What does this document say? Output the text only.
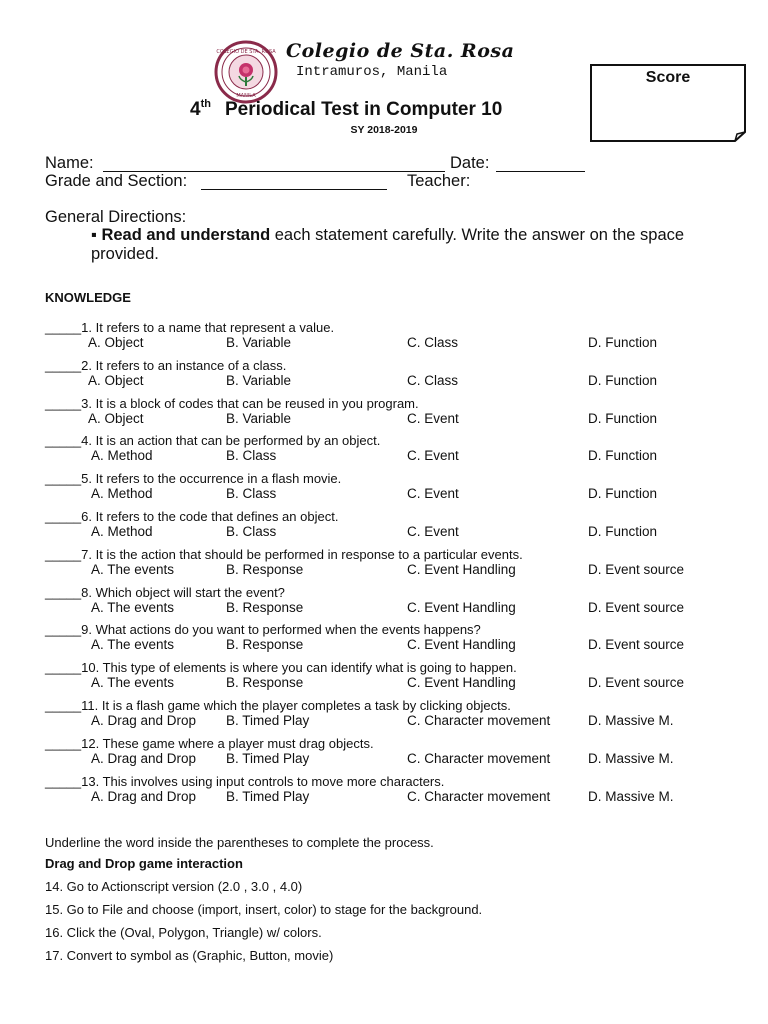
COLEGIO DE STA. ROSA
MANILA
Colegio de Sta. Rosa
Intramuros, Manila	Score
4th Periodical Test in Computer 10
SY 2018-2019
Name:	Date:
Grade and Section:	Teacher:
General Directions:
▪ Read and understand each statement carefully. Write the answer on the space provided.
KNOWLEDGE
_____1. It refers to a name that represent a value.
A. Object	B. Variable	C. Class	D. Function
_____2. It refers to an instance of a class.
A. Object	B. Variable	C. Class	D. Function
_____3. It is a block of codes that can be reused in you program.
A. Object	B. Variable	C. Event	D. Function
_____4. It is an action that can be performed by an object.
A. Method	B. Class	C. Event	D. Function
_____5. It refers to the occurrence in a flash movie.
A. Method	B. Class	C. Event	D. Function
_____6. It refers to the code that defines an object.
A. Method	B. Class	C. Event	D. Function
_____7. It is the action that should be performed in response to a particular events.
A. The events	B. Response	C. Event Handling	D. Event source
_____8. Which object will start the event?
A. The events	B. Response	C. Event Handling	D. Event source
_____9. What actions do you want to performed when the events happens?
A. The events	B. Response	C. Event Handling	D. Event source
_____10. This type of elements is where you can identify what is going to happen.
A. The events	B. Response	C. Event Handling	D. Event source
_____11. It is a flash game which the player completes a task by clicking objects.
A. Drag and Drop B. Timed Play	C. Character movement	D. Massive M.
_____12. These game where a player must drag objects.
A. Drag and Drop B. Timed Play	C. Character movement	D. Massive M.
_____13. This involves using input controls to move more characters.
A. Drag and Drop B. Timed Play	C. Character movement	D. Massive M.
Underline the word inside the parentheses to complete the process.
Drag and Drop game interaction
14. Go to Actionscript version (2.0 , 3.0 , 4.0)
15. Go to File and choose (import, insert, color) to stage for the background.
16. Click the (Oval, Polygon, Triangle) w/ colors.
17. Convert to symbol as (Graphic, Button, movie)
